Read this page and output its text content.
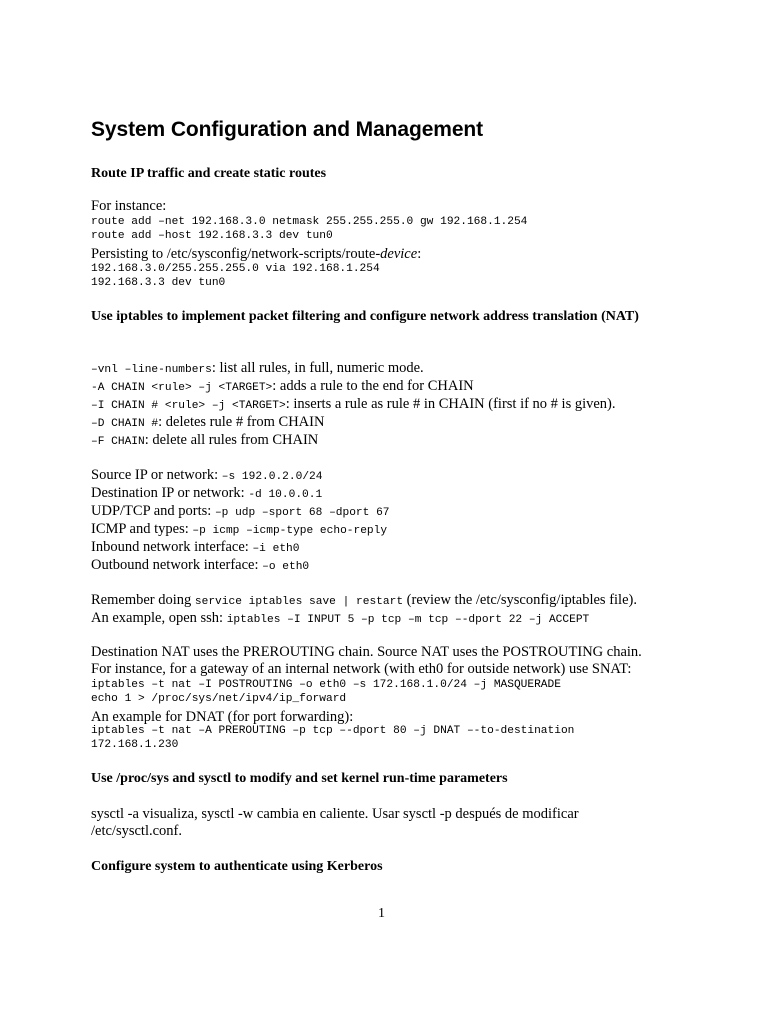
System Configuration and Management
Route IP traffic and create static routes
For instance:
route add –net 192.168.3.0 netmask 255.255.255.0 gw 192.168.1.254
route add –host 192.168.3.3 dev tun0
Persisting to /etc/sysconfig/network-scripts/route-device:
192.168.3.0/255.255.255.0 via 192.168.1.254
192.168.3.3 dev tun0
Use iptables to implement packet filtering and configure network address translation (NAT)
–vnl –line-numbers: list all rules, in full, numeric mode.
-A CHAIN <rule> –j <TARGET>: adds a rule to the end for CHAIN
–I CHAIN # <rule> –j <TARGET>: inserts a rule as rule # in CHAIN (first if no # is given).
–D CHAIN #: deletes rule # from CHAIN
–F CHAIN: delete all rules from CHAIN
Source IP or network: –s 192.0.2.0/24
Destination IP or network: -d 10.0.0.1
UDP/TCP and ports: –p udp –sport 68 –dport 67
ICMP and types: –p icmp –icmp-type echo-reply
Inbound network interface: –i eth0
Outbound network interface: –o eth0
Remember doing service iptables save | restart (review the /etc/sysconfig/iptables file).
An example, open ssh: iptables –I INPUT 5 –p tcp –m tcp –-dport 22 –j ACCEPT
Destination NAT uses the PREROUTING chain. Source NAT uses the POSTROUTING chain.
For instance, for a gateway of an internal network (with eth0 for outside network) use SNAT:
iptables –t nat –I POSTROUTING –o eth0 –s 172.168.1.0/24 –j MASQUERADE
echo 1 > /proc/sys/net/ipv4/ip_forward
An example for DNAT (for port forwarding):
iptables –t nat –A PREROUTING –p tcp –-dport 80 –j DNAT –-to-destination
172.168.1.230
Use /proc/sys and sysctl to modify and set kernel run-time parameters
sysctl -a visualiza, sysctl -w cambia en caliente. Usar sysctl -p después de modificar
/etc/sysctl.conf.
Configure system to authenticate using Kerberos
1
